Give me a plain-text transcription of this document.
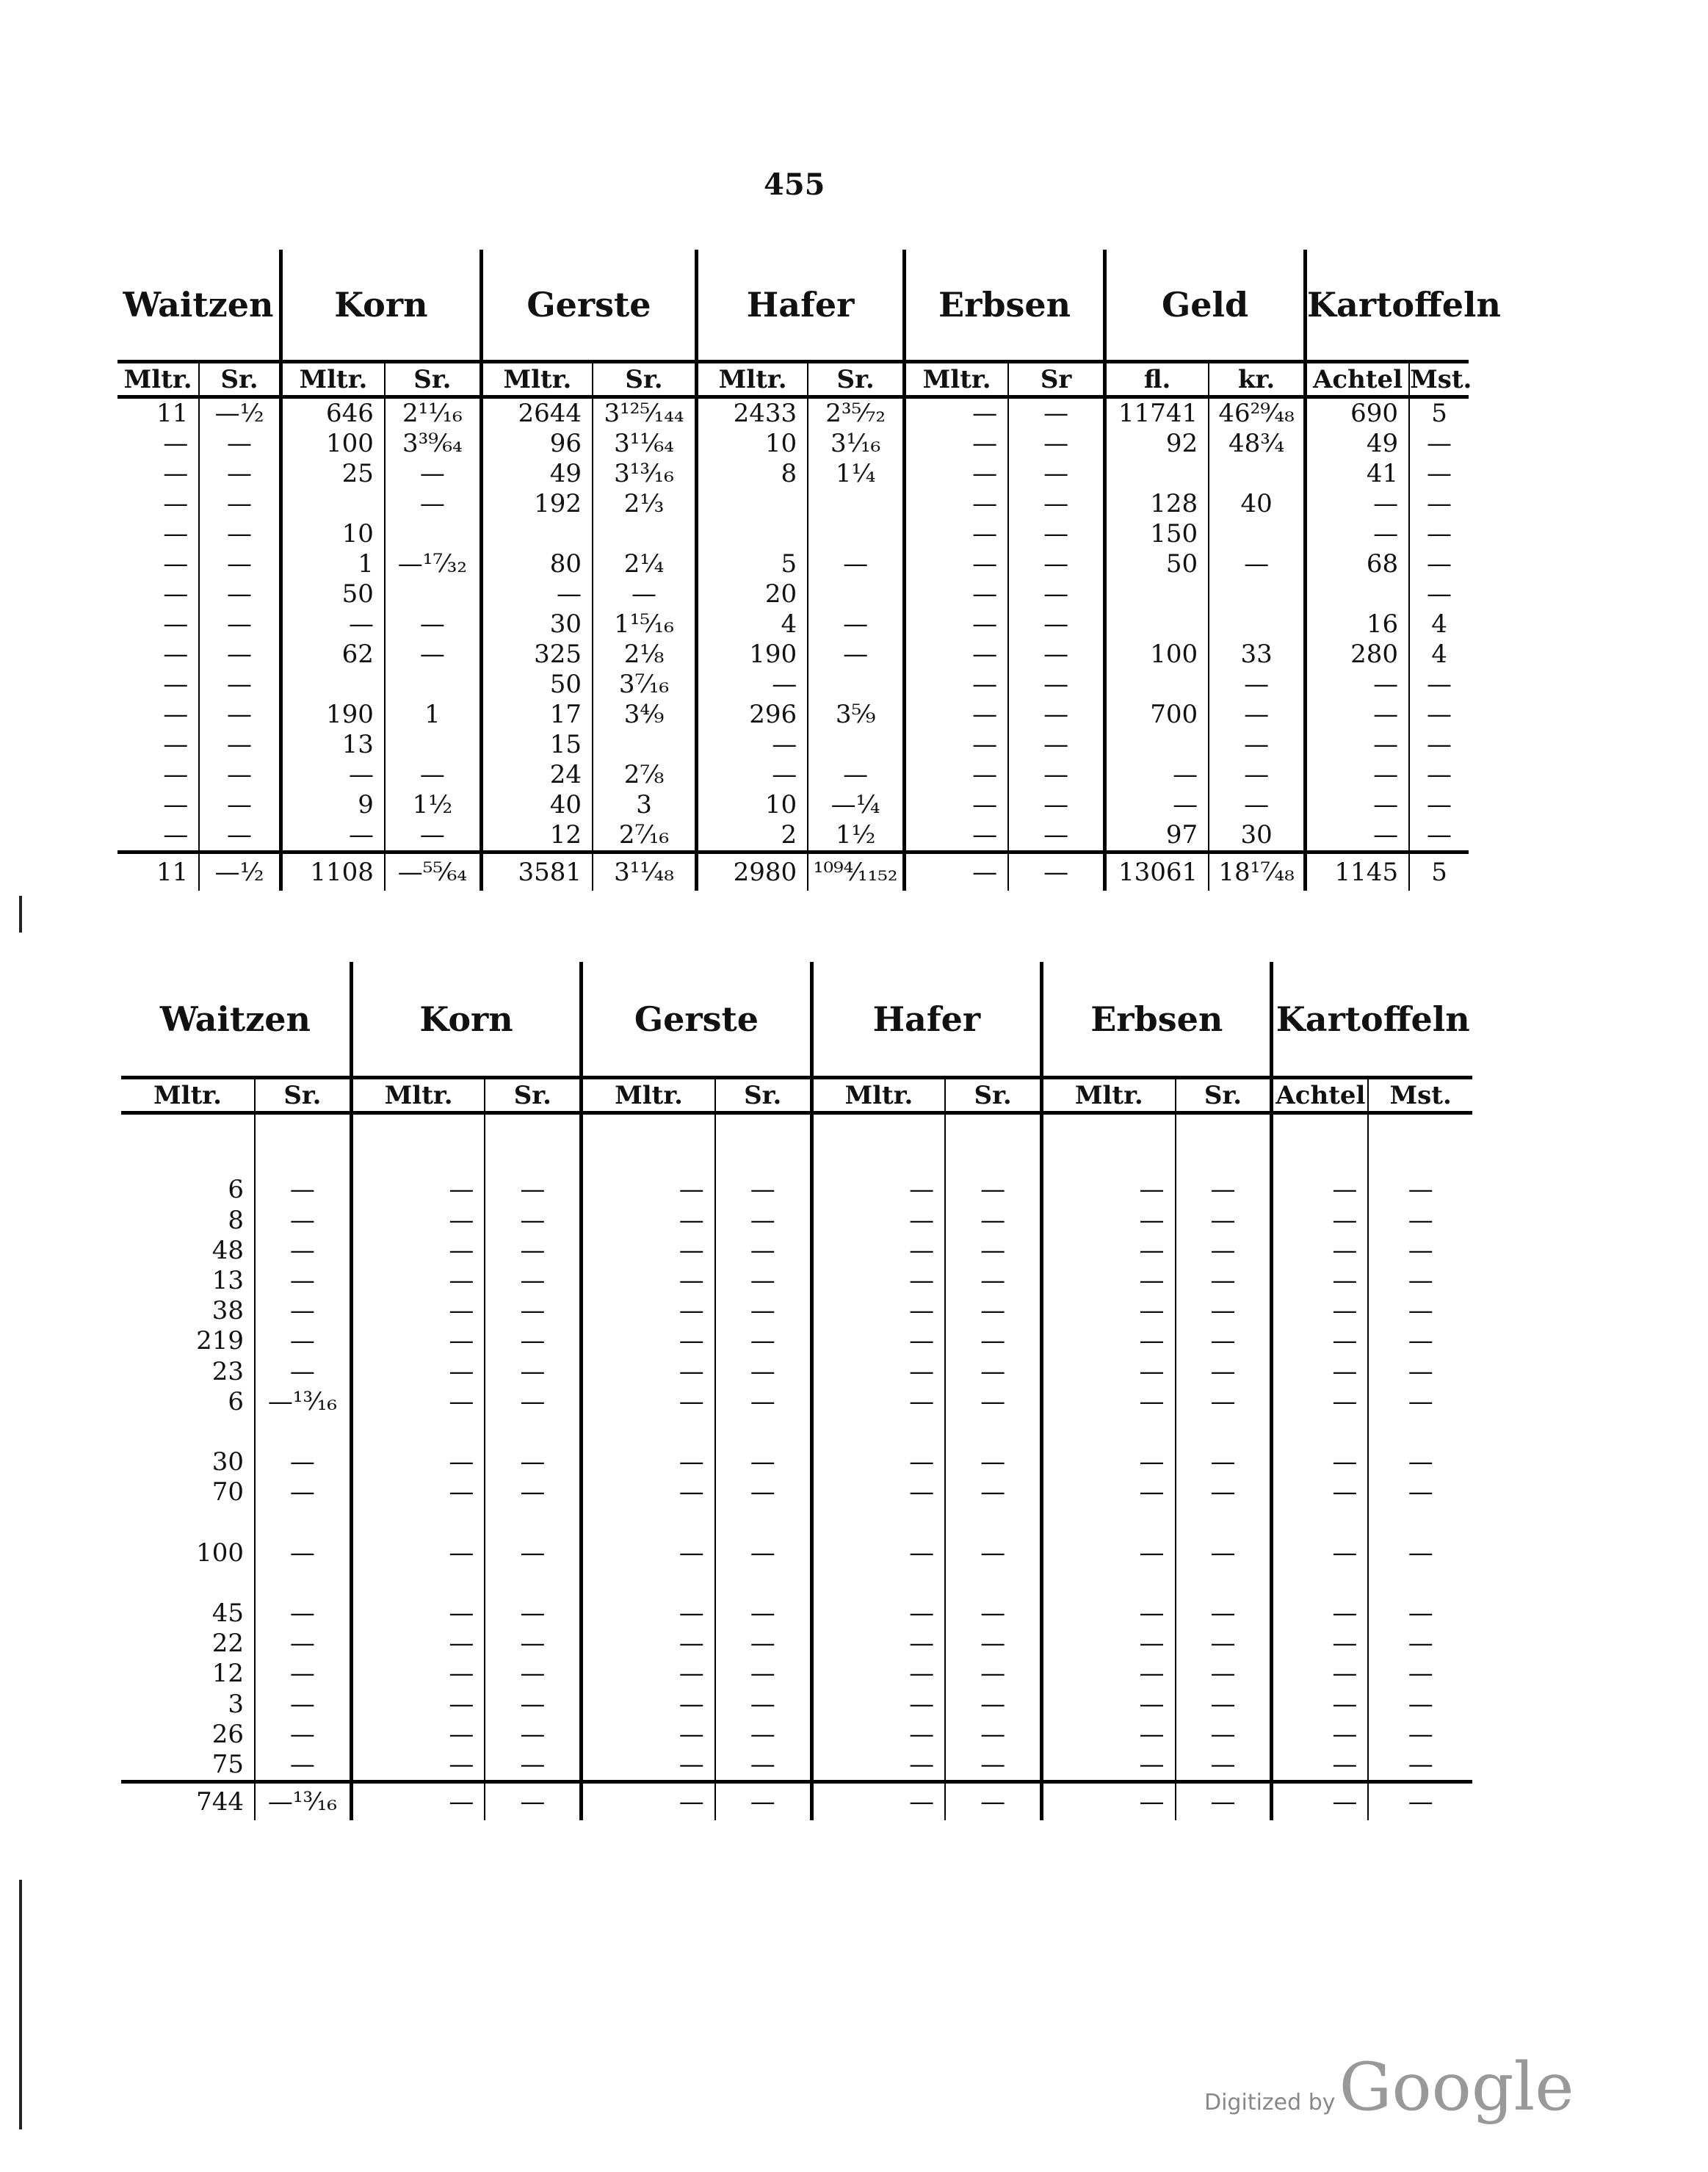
455
Waitzen		Korn		Gerste		Hafer		Erbsen		Geld		Kartoffeln	
Mltr.	Sr.	Mltr.	Sr.	Mltr.	Sr.	Mltr.	Sr.	Mltr.	Sr	fl.	kr.	Achtel	Mst.
11	—½	646	2¹¹⁄₁₆	2644	3¹²⁵⁄₁₄₄	2433	2³⁵⁄₇₂	—	—	11741	46²⁹⁄₄₈	690	5
—	—	100	3³⁹⁄₆₄	96	3¹¹⁄₆₄	10	3¹⁄₁₆	—	—	92	48¾	49	—
—	—	25	—	49	3¹³⁄₁₆	8	1¼	—	—			41	—
—	—		—	192	2⅓			—	—	128	40	—	—
—	—	10						—	—	150		—	—
—	—	1	—¹⁷⁄₃₂	80	2¼	5	—	—	—	50	—	68	—
—	—	50		—	—	20		—	—				—
—	—	—	—	30	1¹⁵⁄₁₆	4	—	—	—			16	4
—	—	62	—	325	2⅛	190	—	—	—	100	33	280	4
—	—			50	3⁷⁄₁₆	—		—	—		—	—	—
—	—	190	1	17	3⁴⁄₉	296	3⁵⁄₉	—	—	700	—	—	—
—	—	13		15		—		—	—		—	—	—
—	—	—	—	24	2⅞	—	—	—	—	—	—	—	—
—	—	9	1½	40	3	10	—¼	—	—	—	—	—	—
—	—	—	—	12	2⁷⁄₁₆	2	1½	—	—	97	30	—	—
11	—½	1108	—⁵⁵⁄₆₄	3581	3¹¹⁄₄₈	2980	¹⁰⁹⁴⁄₁₁₅₂	—	—	13061	18¹⁷⁄₄₈	1145	5
Waitzen		Korn		Gerste		Hafer		Erbsen		Kartoffeln	
Mltr.	Sr.	Mltr.	Sr.	Mltr.	Sr.	Mltr.	Sr.	Mltr.	Sr.	Achtel	Mst.

6	—	—	—	—	—	—	—	—	—	—	—
8	—	—	—	—	—	—	—	—	—	—	—
48	—	—	—	—	—	—	—	—	—	—	—
13	—	—	—	—	—	—	—	—	—	—	—
38	—	—	—	—	—	—	—	—	—	—	—
219	—	—	—	—	—	—	—	—	—	—	—
23	—	—	—	—	—	—	—	—	—	—	—
6	—¹³⁄₁₆	—	—	—	—	—	—	—	—	—	—

30	—	—	—	—	—	—	—	—	—	—	—
70	—	—	—	—	—	—	—	—	—	—	—

100	—	—	—	—	—	—	—	—	—	—	—

45	—	—	—	—	—	—	—	—	—	—	—
22	—	—	—	—	—	—	—	—	—	—	—
12	—	—	—	—	—	—	—	—	—	—	—
3	—	—	—	—	—	—	—	—	—	—	—
26	—	—	—	—	—	—	—	—	—	—	—
75	—	—	—	—	—	—	—	—	—	—	—
744	—¹³⁄₁₆	—	—	—	—	—	—	—	—	—	—
Digitized by Google
